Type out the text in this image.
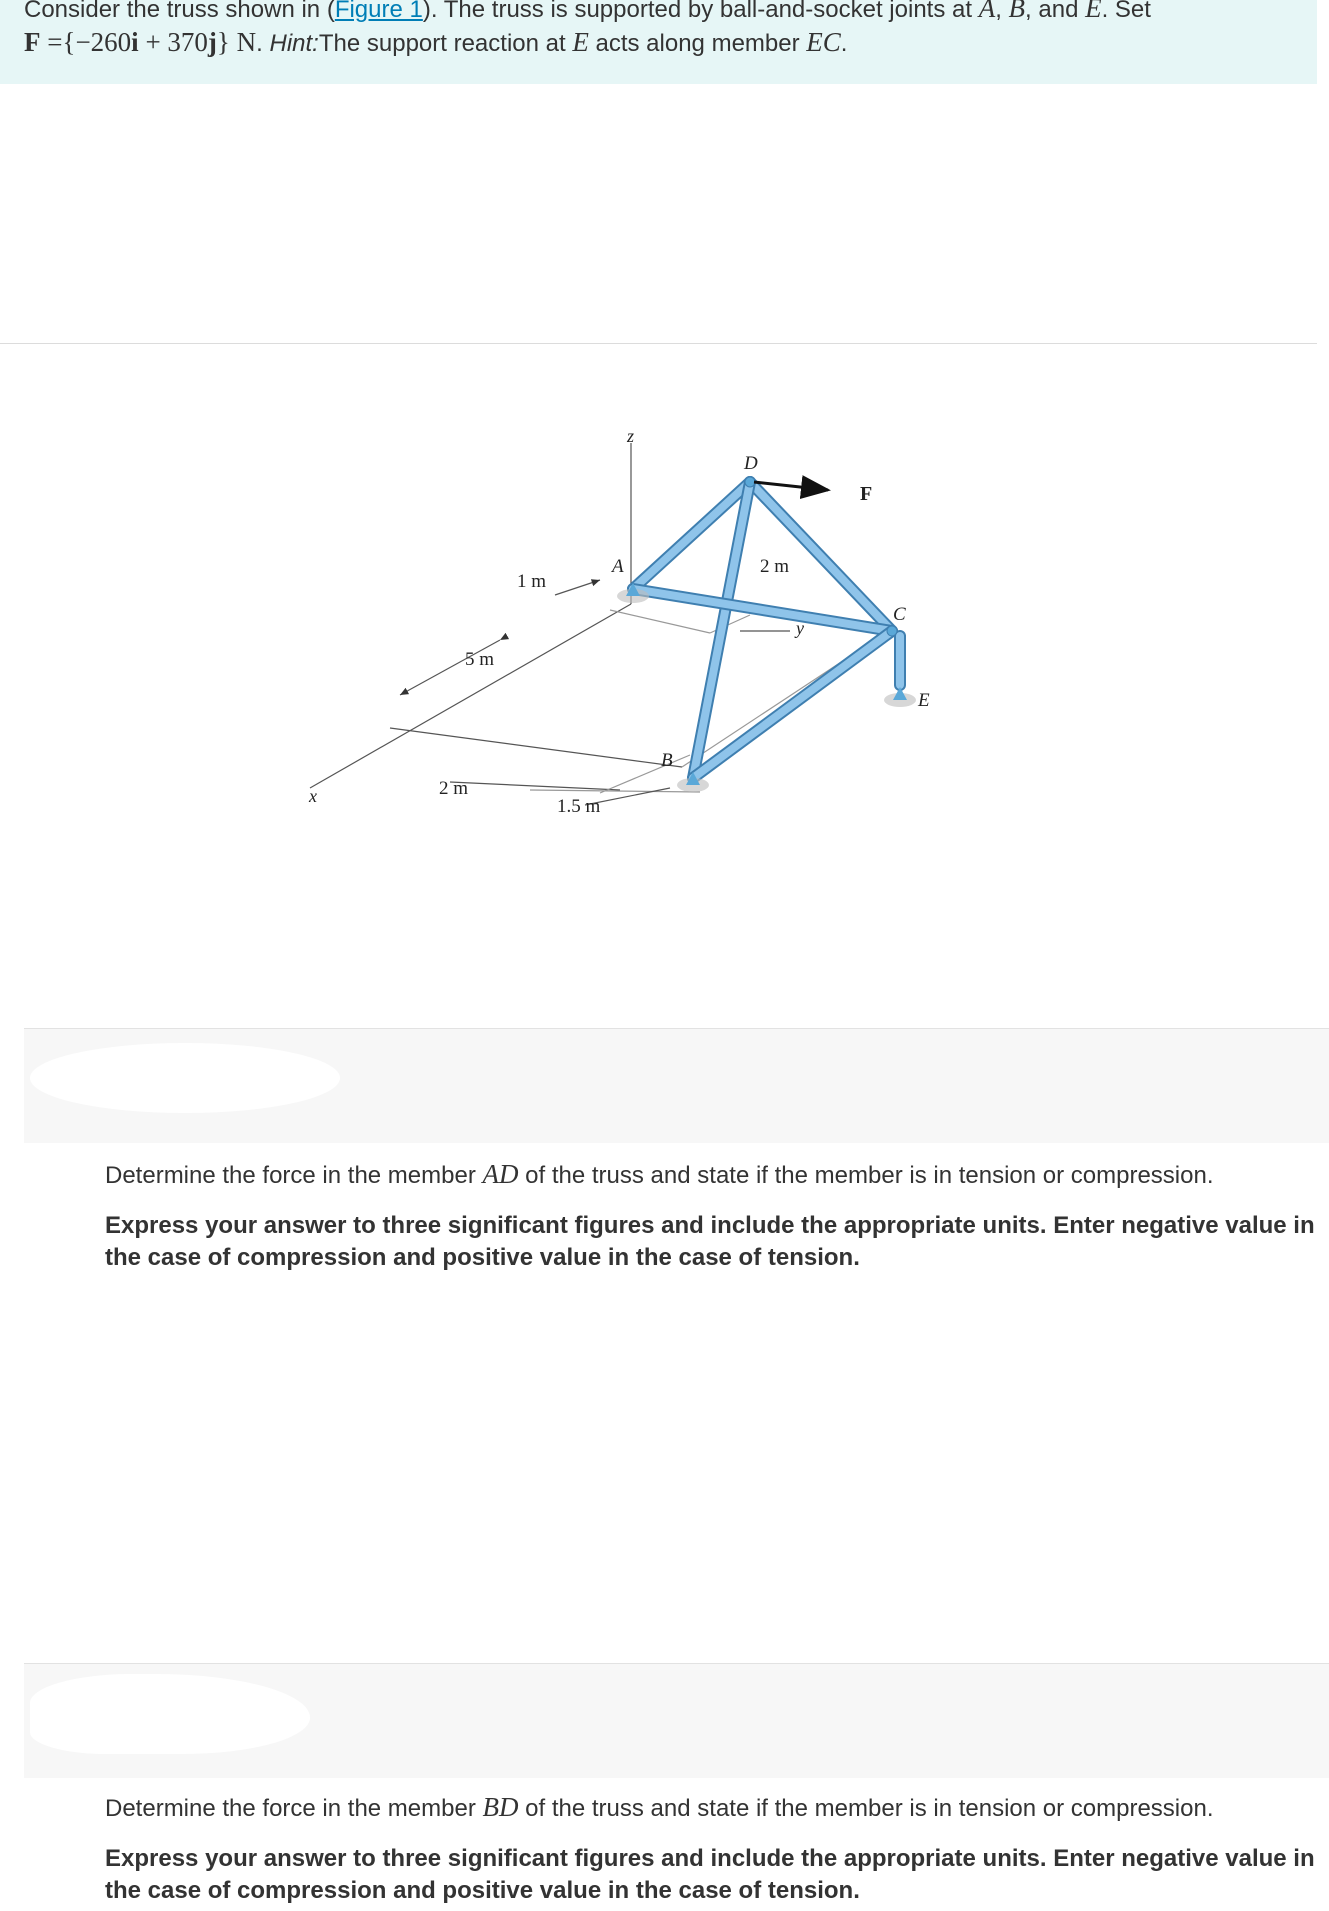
Consider the truss shown in (Figure 1). The truss is supported by ball-and-socket joints at A, B, and E. Set
F ={−260i + 370j} N. Hint:The support reaction at E acts along member EC.
z
x
y
A
B
C
D
E
F
1 m
5 m
2 m
2 m
1.5 m
Determine the force in the member AD of the truss and state if the member is in tension or compression.
Express your answer to three significant figures and include the appropriate units. Enter negative value in the case of compression and positive value in the case of tension.
Determine the force in the member BD of the truss and state if the member is in tension or compression.
Express your answer to three significant figures and include the appropriate units. Enter negative value in the case of compression and positive value in the case of tension.
